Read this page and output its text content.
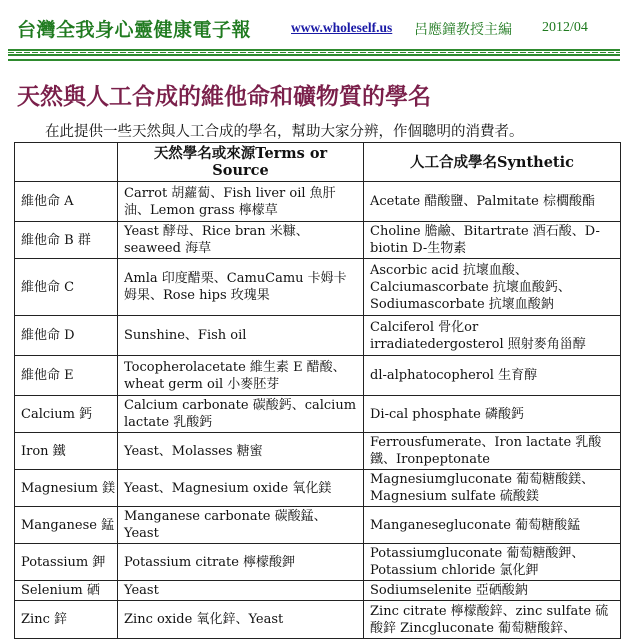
台灣全我身心靈健康電子報	www.wholeself.us 呂應鐘教授主編 2012/04
天然與人工合成的維他命和礦物質的學名
在此提供一些天然與人工合成的學名，幫助大家分辨，作個聰明的消費者。
	天然學名或來源Terms or Source	人工合成學名Synthetic
維他命 A	Carrot 胡蘿蔔、Fish liver oil 魚肝油、Lemon grass 檸檬草	Acetate 醋酸鹽、Palmitate 棕櫚酸酯
維他命 B 群	Yeast 酵母、Rice bran 米糠、seaweed 海草	Choline 膽鹼、Bitartrate 酒石酸、D-biotin D-生物素
維他命 C	Amla 印度醋栗、CamuCamu 卡姆卡姆果、Rose hips 玫瑰果	Ascorbic acid 抗壞血酸、Calciumascorbate 抗壞血酸鈣、Sodiumascorbate 抗壞血酸鈉
維他命 D	Sunshine、Fish oil	Calciferol 骨化or irradiatedergosterol 照射麥角甾醇
維他命 E	Tocopherolacetate 維生素 E 醋酸、wheat germ oil 小麥胚芽	dl-alphatocopherol 生育醇
Calcium 鈣	Calcium carbonate 碳酸鈣、calcium lactate 乳酸鈣	Di-cal phosphate 磷酸鈣
Iron 鐵	Yeast、Molasses 糖蜜	Ferrousfumerate、Iron lactate 乳酸鐵、Ironpeptonate
Magnesium 鎂	Yeast、Magnesium oxide 氧化鎂	Magnesiumgluconate 葡萄糖酸鎂、Magnesium sulfate 硫酸鎂
Manganese 錳	Manganese carbonate 碳酸錳、Yeast	Manganesegluconate 葡萄糖酸錳
Potassium 鉀	Potassium citrate 檸檬酸鉀	Potassiumgluconate 葡萄糖酸鉀、Potassium chloride 氯化鉀
Selenium 硒	Yeast	Sodiumselenite 亞硒酸鈉
Zinc 鋅	Zinc oxide 氧化鋅、Yeast	Zinc citrate 檸檬酸鋅、zinc sulfate 硫酸鋅 Zincgluconate 葡萄糖酸鋅、
